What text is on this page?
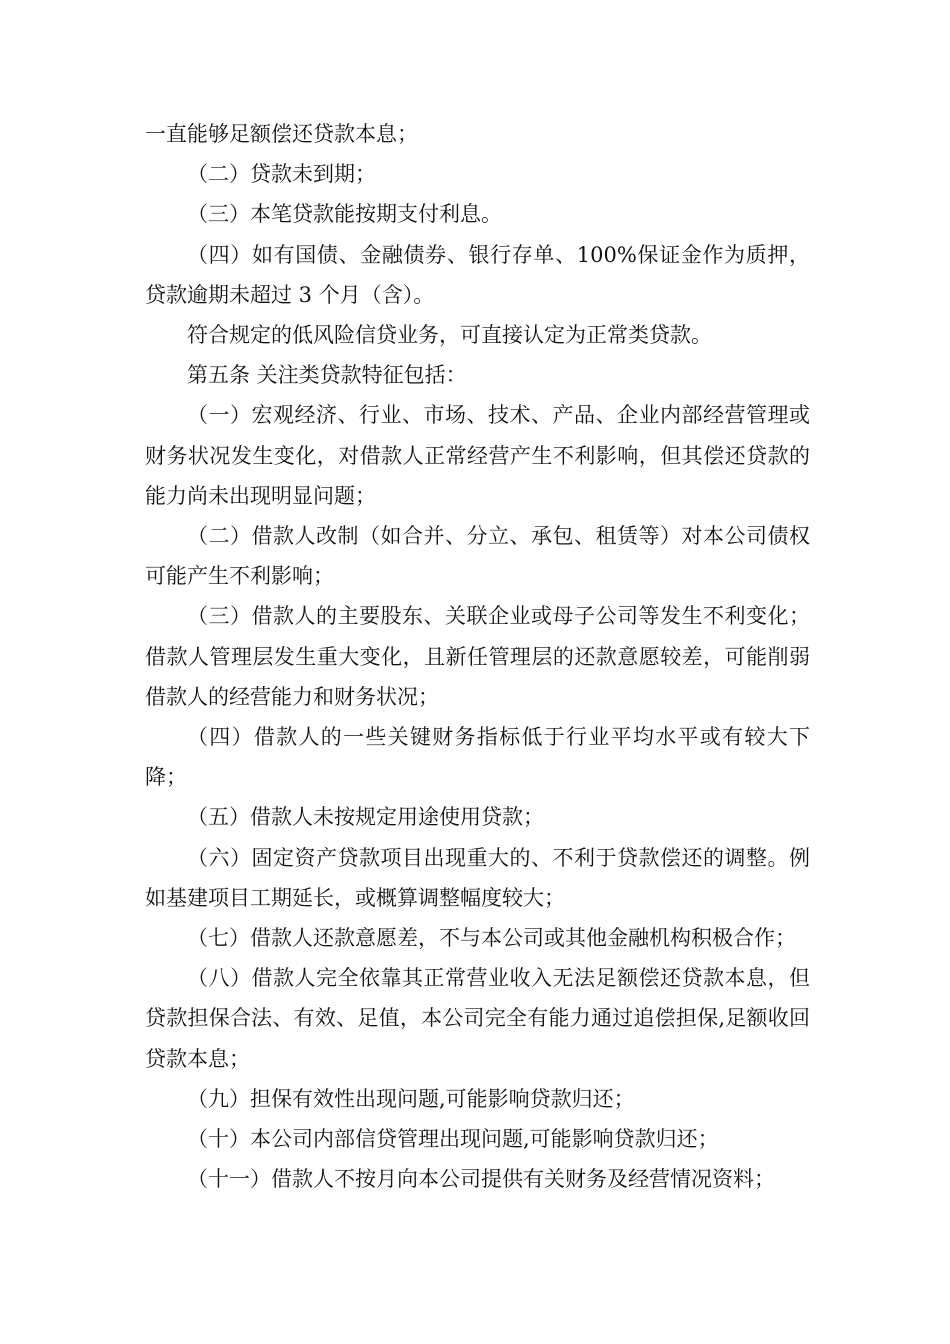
一直能够足额偿还贷款本息；

（二）贷款未到期；

（三）本笔贷款能按期支付利息。

（四）如有国债、金融债券、银行存单、100%保证金作为质押，贷款逾期未超过 3 个月（含）。

符合规定的低风险信贷业务，可直接认定为正常类贷款。

第五条 关注类贷款特征包括：

（一）宏观经济、行业、市场、技术、产品、企业内部经营管理或财务状况发生变化，对借款人正常经营产生不利影响，但其偿还贷款的能力尚未出现明显问题；

（二）借款人改制（如合并、分立、承包、租赁等）对本公司债权可能产生不利影响；

（三）借款人的主要股东、关联企业或母子公司等发生不利变化；借款人管理层发生重大变化，且新任管理层的还款意愿较差，可能削弱借款人的经营能力和财务状况；

（四）借款人的一些关键财务指标低于行业平均水平或有较大下降；

（五）借款人未按规定用途使用贷款；

（六）固定资产贷款项目出现重大的、不利于贷款偿还的调整。例如基建项目工期延长，或概算调整幅度较大；

（七）借款人还款意愿差，不与本公司或其他金融机构积极合作；

（八）借款人完全依靠其正常营业收入无法足额偿还贷款本息，但贷款担保合法、有效、足值，本公司完全有能力通过追偿担保,足额收回贷款本息；

（九）担保有效性出现问题,可能影响贷款归还；

（十）本公司内部信贷管理出现问题,可能影响贷款归还；

（十一）借款人不按月向本公司提供有关财务及经营情况资料；
